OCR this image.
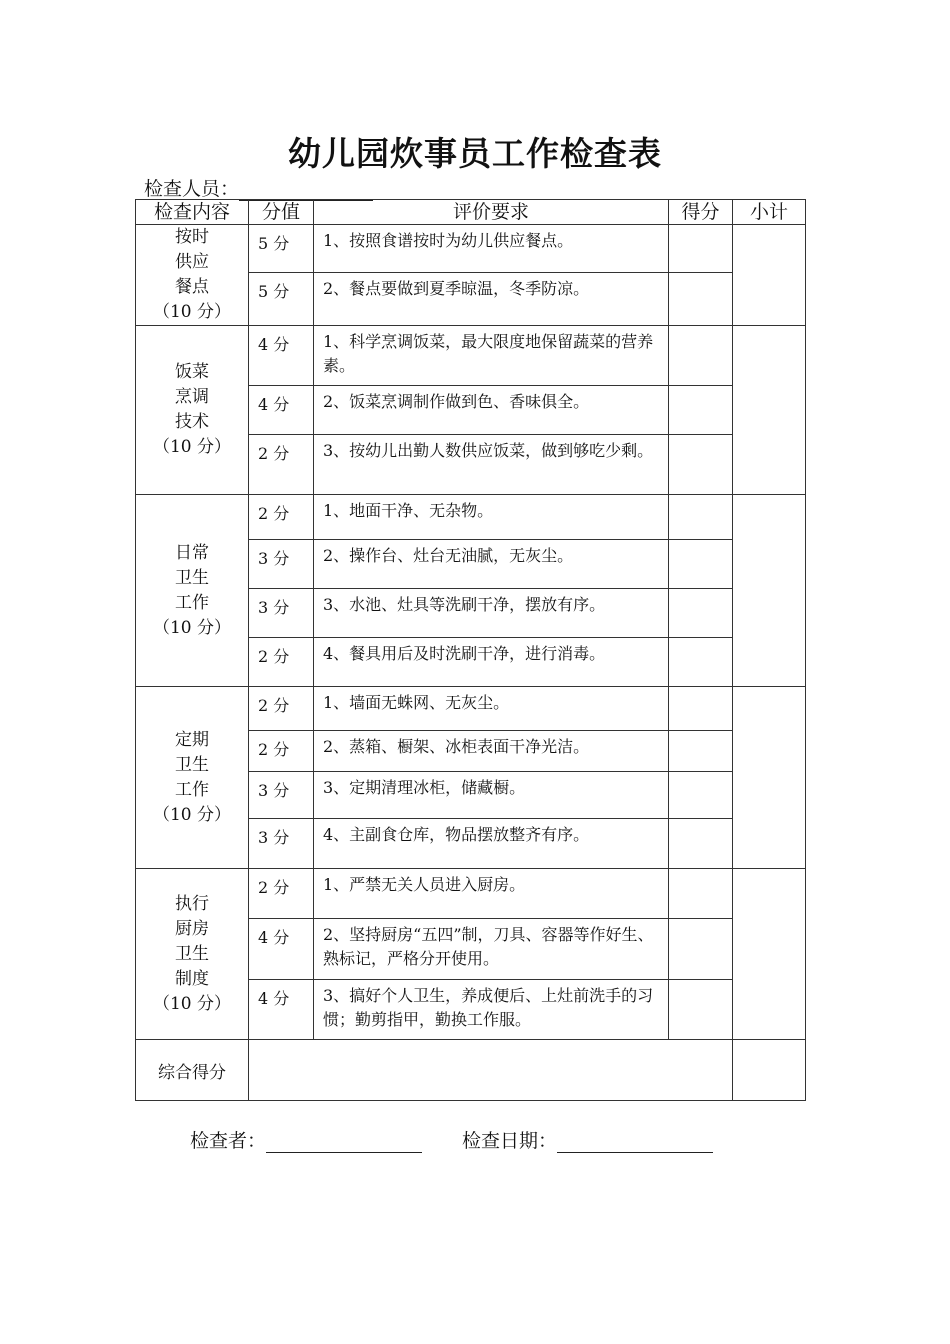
幼儿园炊事员工作检查表
检查人员：
检查内容	分值	评价要求	得分	小计

按时
供应
餐点
（10 分）	5 分	1、按照食谱按时为幼儿供应餐点。		
	5 分	2、餐点要做到夏季晾温，冬季防凉。		

饭菜
烹调
技术
（10 分）	4 分	1、科学烹调饭菜，最大限度地保留蔬菜的营养素。		
	4 分	2、饭菜烹调制作做到色、香味俱全。		
	2 分	3、按幼儿出勤人数供应饭菜，做到够吃少剩。		

日常
卫生
工作
（10 分）	2 分	1、地面干净、无杂物。		
	3 分	2、操作台、灶台无油腻，无灰尘。		
	3 分	3、水池、灶具等洗刷干净，摆放有序。		
	2 分	4、餐具用后及时洗刷干净，进行消毒。		

定期
卫生
工作
（10 分）	2 分	1、墙面无蛛网、无灰尘。		
	2 分	2、蒸箱、橱架、冰柜表面干净光洁。		
	3 分	3、定期清理冰柜，储藏橱。		
	3 分	4、主副食仓库，物品摆放整齐有序。		

执行
厨房
卫生
制度
（10 分）	2 分	1、严禁无关人员进入厨房。		
	4 分	2、坚持厨房“五四”制，刀具、容器等作好生、熟标记，严格分开使用。		
	4 分	3、搞好个人卫生，养成便后、上灶前洗手的习惯；勤剪指甲，勤换工作服。		
综合得分				
检查者：	检查日期：
